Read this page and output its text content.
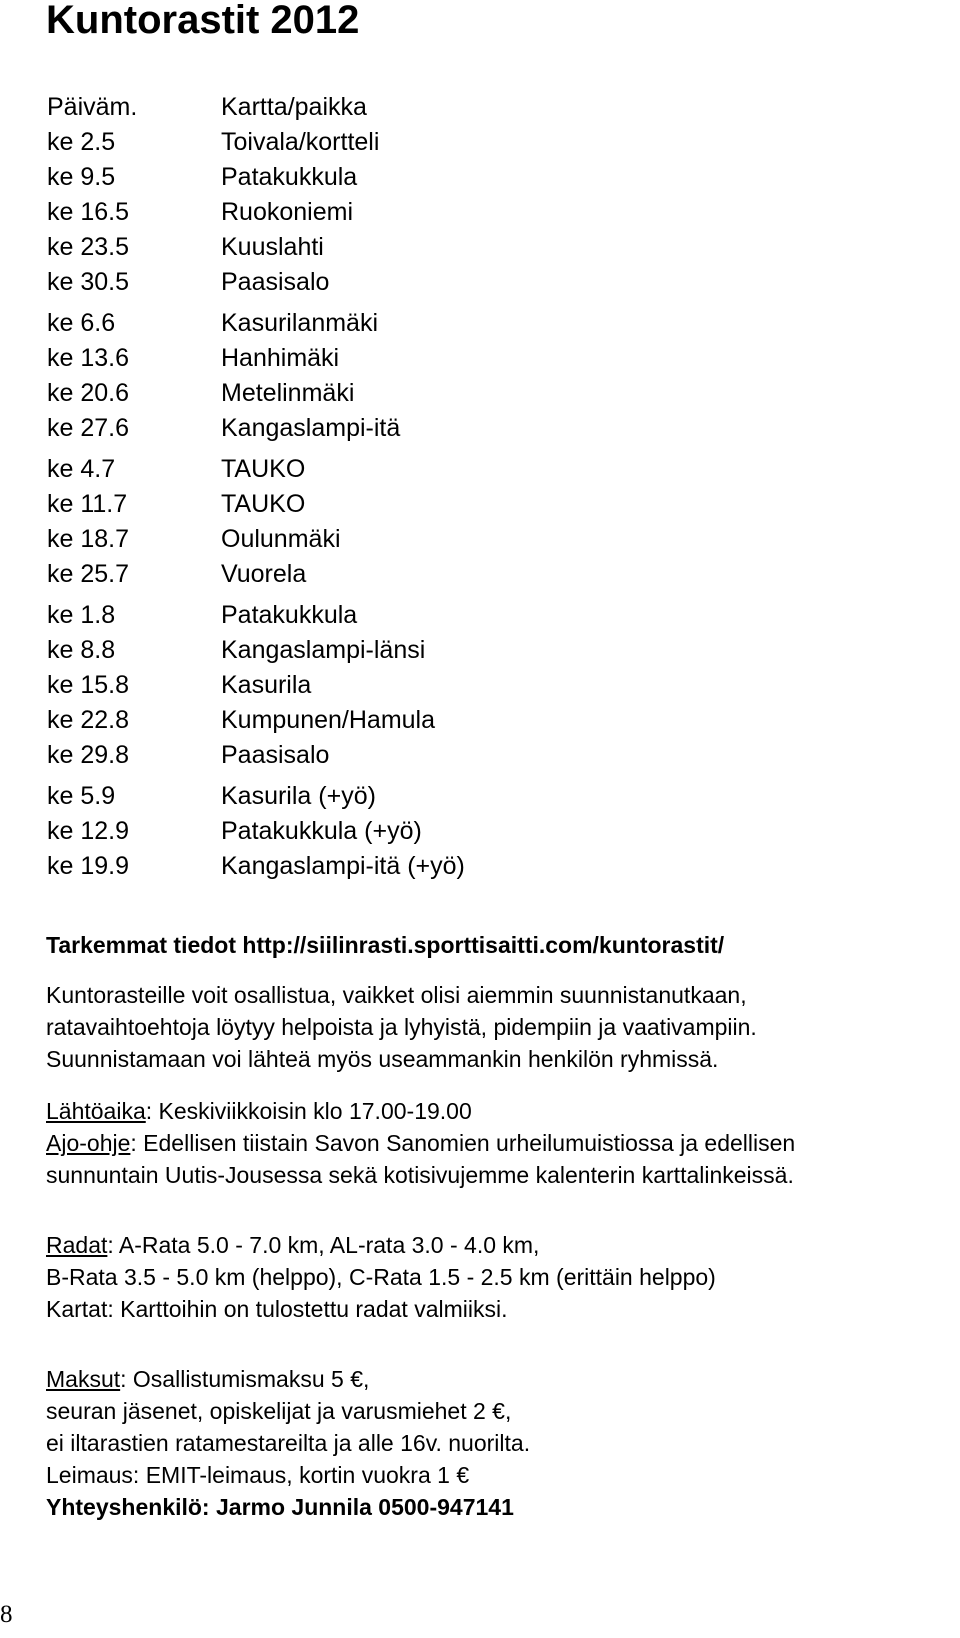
Kuntorastit 2012
Päiväm.	Kartta/paikka
ke 2.5	Toivala/kortteli
ke 9.5	Patakukkula
ke 16.5	Ruokoniemi
ke 23.5	Kuuslahti
ke 30.5	Paasisalo
ke 6.6	Kasurilanmäki
ke 13.6	Hanhimäki
ke 20.6	Metelinmäki
ke 27.6	Kangaslampi-itä
ke 4.7	TAUKO
ke 11.7	TAUKO
ke 18.7	Oulunmäki
ke 25.7	Vuorela
ke 1.8	Patakukkula
ke 8.8	Kangaslampi-länsi
ke 15.8	Kasurila
ke 22.8	Kumpunen/Hamula
ke 29.8	Paasisalo
ke 5.9	Kasurila (+yö)
ke 12.9	Patakukkula (+yö)
ke 19.9	Kangaslampi-itä (+yö)
Tarkemmat tiedot http://siilinrasti.sporttisaitti.com/kuntorastit/
Kuntorasteille voit osallistua, vaikket olisi aiemmin suunnistanutkaan,
ratavaihtoehtoja löytyy helpoista ja lyhyistä, pidempiin ja vaativampiin.
Suunnistamaan voi lähteä myös useammankin henkilön ryhmissä.
Lähtöaika: Keskiviikkoisin klo 17.00-19.00
Ajo-ohje: Edellisen tiistain Savon Sanomien urheilumuistiossa ja edellisen
sunnuntain Uutis-Jousessa sekä kotisivujemme kalenterin karttalinkeissä.
Radat: A-Rata 5.0 - 7.0 km, AL-rata 3.0 - 4.0 km,
B-Rata 3.5 - 5.0 km (helppo), C-Rata 1.5 - 2.5 km (erittäin helppo)
Kartat: Karttoihin on tulostettu radat valmiiksi.
Maksut: Osallistumismaksu 5 €,
seuran jäsenet, opiskelijat ja varusmiehet 2 €,
ei iltarastien ratamestareilta ja alle 16v. nuorilta.
Leimaus: EMIT-leimaus, kortin vuokra 1 €
Yhteyshenkilö: Jarmo Junnila 0500-947141
8
